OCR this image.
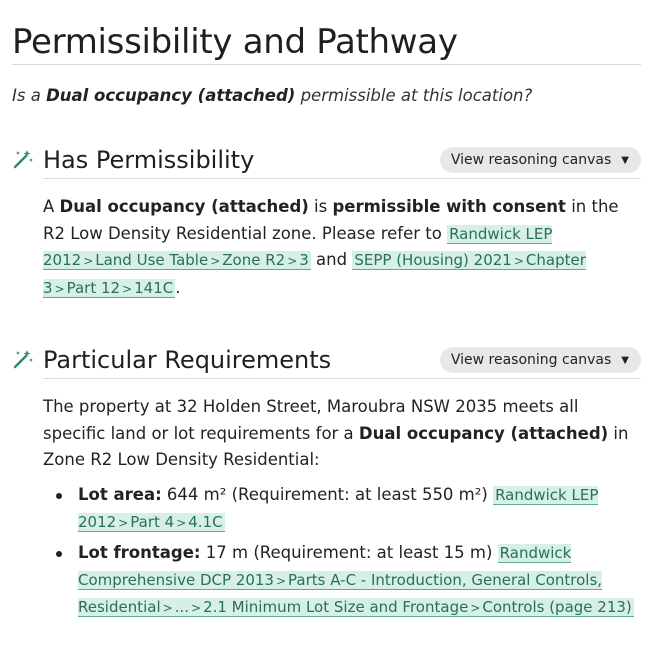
Permissibility and Pathway
Is a Dual occupancy (attached) permissible at this location?
Has Permissibility	View reasoning canvas ▼
A Dual occupancy (attached) is permissible with consent in the R2 Low Density Residential zone. Please refer to Randwick LEP 2012 > Land Use Table > Zone R2 > 3 and SEPP (Housing) 2021 > Chapter 3 > Part 12 > 141C .
Particular Requirements	View reasoning canvas ▼
The property at 32 Holden Street, Maroubra NSW 2035 meets all specific land or lot requirements for a Dual occupancy (attached) in Zone R2 Low Density Residential:
Lot area: 644 m² (Requirement: at least 550 m²) Randwick LEP 2012 > Part 4 > 4.1C
Lot frontage: 17 m (Requirement: at least 15 m) Randwick Comprehensive DCP 2013 > Parts A-C - Introduction, General Controls, Residential > ... > 2.1 Minimum Lot Size and Frontage > Controls (page 213)
